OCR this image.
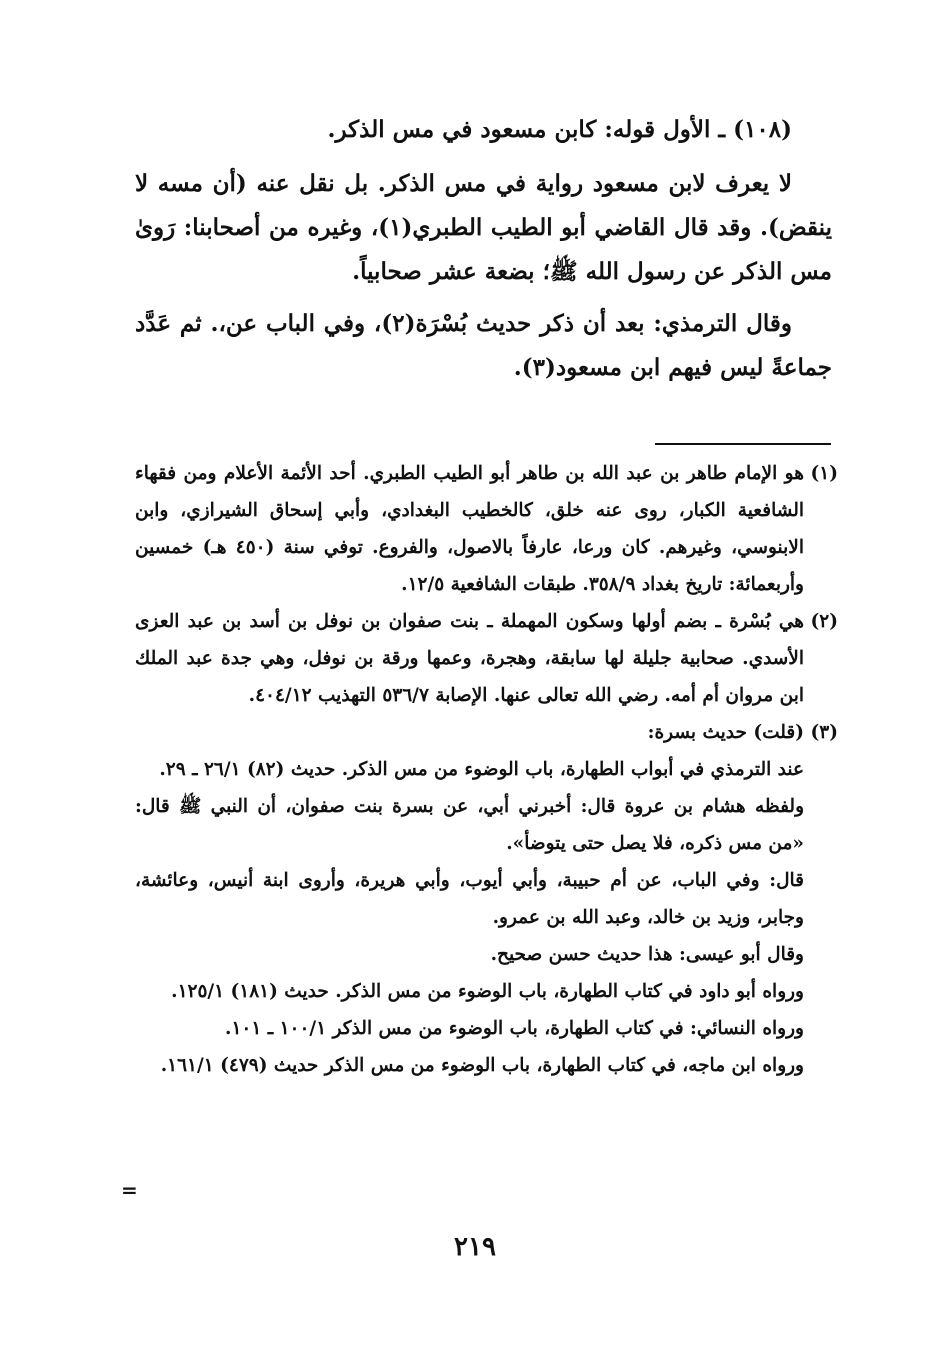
(١٠٨) ـ الأول قوله: كابن مسعود في مس الذكر.

لا يعرف لابن مسعود رواية في مس الذكر. بل نقل عنه (أن مسه لا ينقض). وقد قال القاضي أبو الطيب الطبري(١)، وغيره من أصحابنا: رَوىٰ مس الذكر عن رسول الله ﷺ؛ بضعة عشر صحابياً.

وقال الترمذي: بعد أن ذكر حديث بُسْرَة(٢)، وفي الباب عن،. ثم عَدَّد جماعةً ليس فيهم ابن مسعود(٣).

(١)
هو الإمام طاهر بن عبد الله بن طاهر أبو الطيب الطبري. أحد الأئمة الأعلام ومن فقهاء الشافعية الكبار، روى عنه خلق، كالخطيب البغدادي، وأبي إسحاق الشيرازي، وابن الابنوسي، وغيرهم. كان ورعا، عارفاً بالاصول، والفروع. توفي سنة (٤٥٠ هـ) خمسين وأربعمائة: تاريخ بغداد ٣٥٨/٩. طبقات الشافعية ١٢/٥.
(٢)
هي بُسْرة ـ بضم أولها وسكون المهملة ـ بنت صفوان بن نوفل بن أسد بن عبد العزى الأسدي. صحابية جليلة لها سابقة، وهجرة، وعمها ورقة بن نوفل، وهي جدة عبد الملك ابن مروان أم أمه. رضي الله تعالى عنها. الإصابة ٥٣٦/٧ التهذيب ٤٠٤/١٢.
(٣)
(قلت) حديث بسرة:

عند الترمذي في أبواب الطهارة، باب الوضوء من مس الذكر. حديث (٨٢) ٢٦/١ ـ ٢٩.

ولفظه هشام بن عروة قال: أخبرني أبي، عن بسرة بنت صفوان، أن النبي ﷺ قال: «من مس ذكره، فلا يصل حتى يتوضأ».

قال: وفي الباب، عن أم حبيبة، وأبي أيوب، وأبي هريرة، وأروى ابنة أنيس، وعائشة، وجابر، وزيد بن خالد، وعبد الله بن عمرو.

وقال أبو عيسى: هذا حديث حسن صحيح.

ورواه أبو داود في كتاب الطهارة، باب الوضوء من مس الذكر. حديث (١٨١) ١٢٥/١.

ورواه النسائي: في كتاب الطهارة، باب الوضوء من مس الذكر ١٠٠/١ ـ ١٠١.

ورواه ابن ماجه، في كتاب الطهارة، باب الوضوء من مس الذكر حديث (٤٧٩) ١٦١/١.

=
٢١٩
